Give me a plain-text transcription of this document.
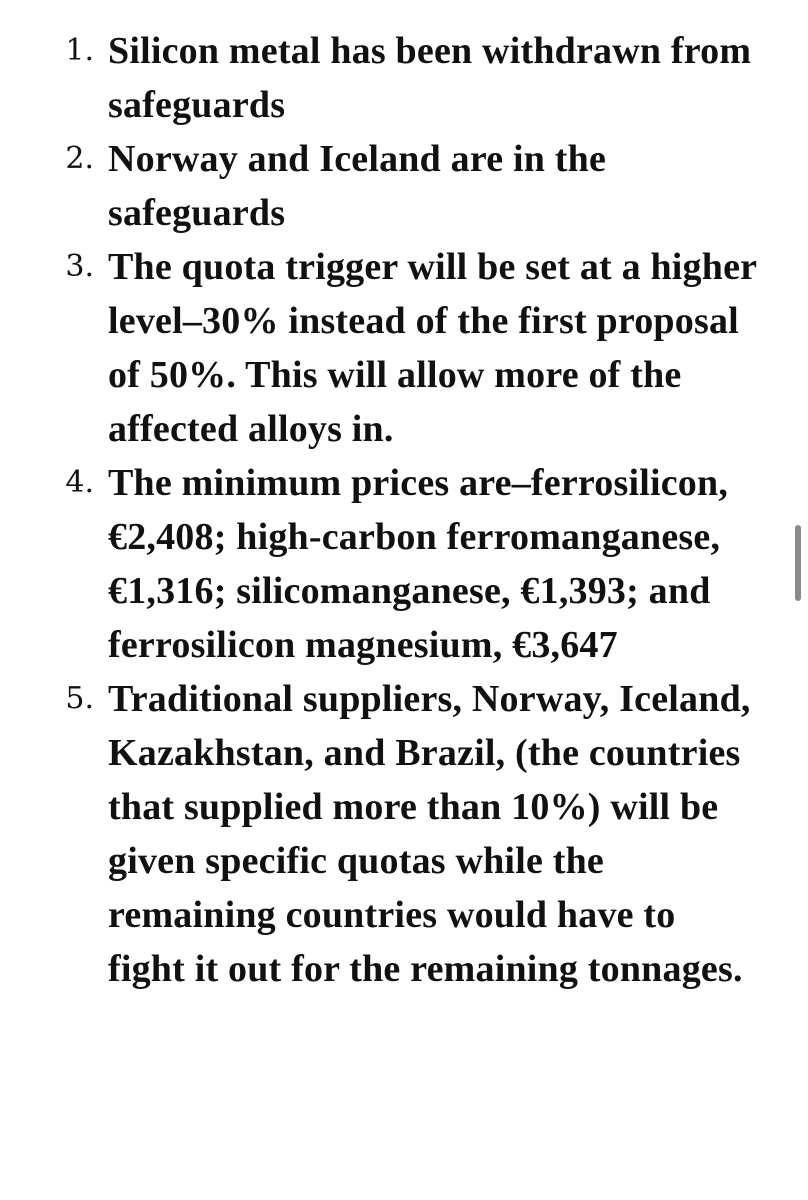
1. Silicon metal has been withdrawn from safeguards
2. Norway and Iceland are in the safeguards
3. The quota trigger will be set at a higher level–30% instead of the first proposal of 50%. This will allow more of the affected alloys in.
4. The minimum prices are–ferrosilicon, €2,408; high-carbon ferromanganese, €1,316; silicomanganese, €1,393; and ferrosilicon magnesium, €3,647
5. Traditional suppliers, Norway, Iceland, Kazakhstan, and Brazil, (the countries that supplied more than 10%) will be given specific quotas while the remaining countries would have to fight it out for the remaining tonnages.
